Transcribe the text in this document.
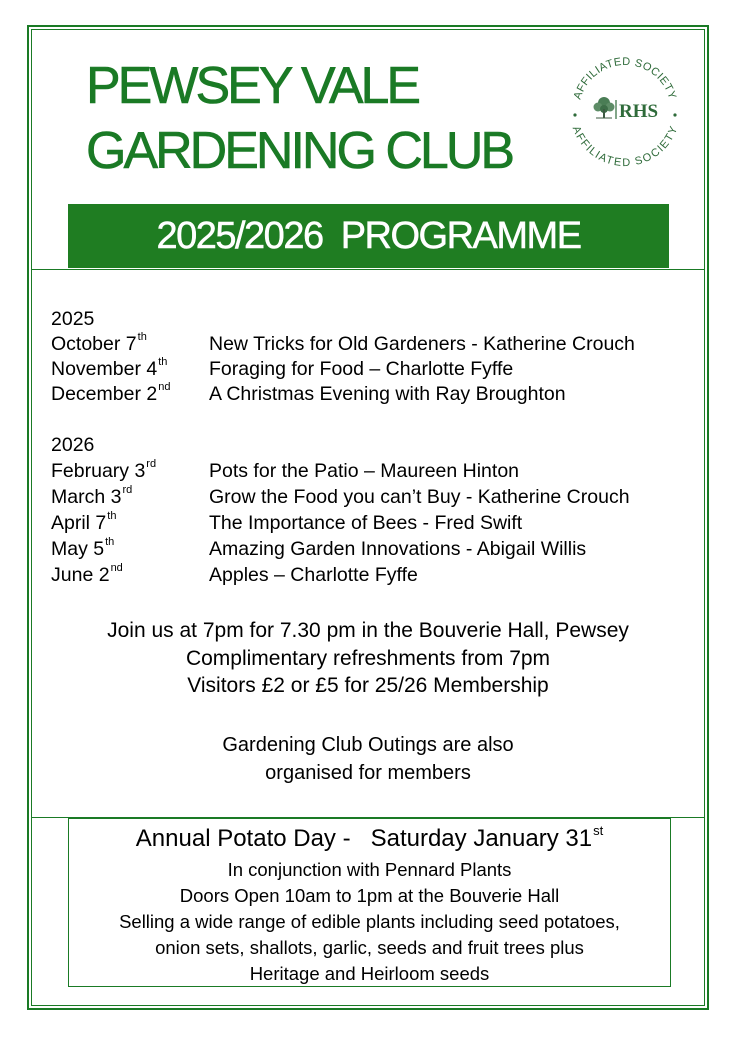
PEWSEY VALE
GARDENING CLUB
AFFILIATED SOCIETY
AFFILIATED SOCIETY
RHS
2025/2026  PROGRAMME
2025
October 7th	New Tricks for Old Gardeners - Katherine Crouch
November 4th Foraging for Food – Charlotte Fyffe
December 2nd A Christmas Evening with Ray Broughton
2026
February 3rd	Pots for the Patio – Maureen Hinton
March 3rd	Grow the Food you can’t Buy - Katherine Crouch
April 7th	The Importance of Bees - Fred Swift
May 5th	Amazing Garden Innovations - Abigail Willis
June 2nd	Apples – Charlotte Fyffe
Join us at 7pm for 7.30 pm in the Bouverie Hall, Pewsey
Complimentary refreshments from 7pm
Visitors £2 or £5 for 25/26 Membership
Gardening Club Outings are also
organised for members
Annual Potato Day -   Saturday January 31st
In conjunction with Pennard Plants
Doors Open 10am to 1pm at the Bouverie Hall
Selling a wide range of edible plants including seed potatoes,
onion sets, shallots, garlic, seeds and fruit trees plus
Heritage and Heirloom seeds
